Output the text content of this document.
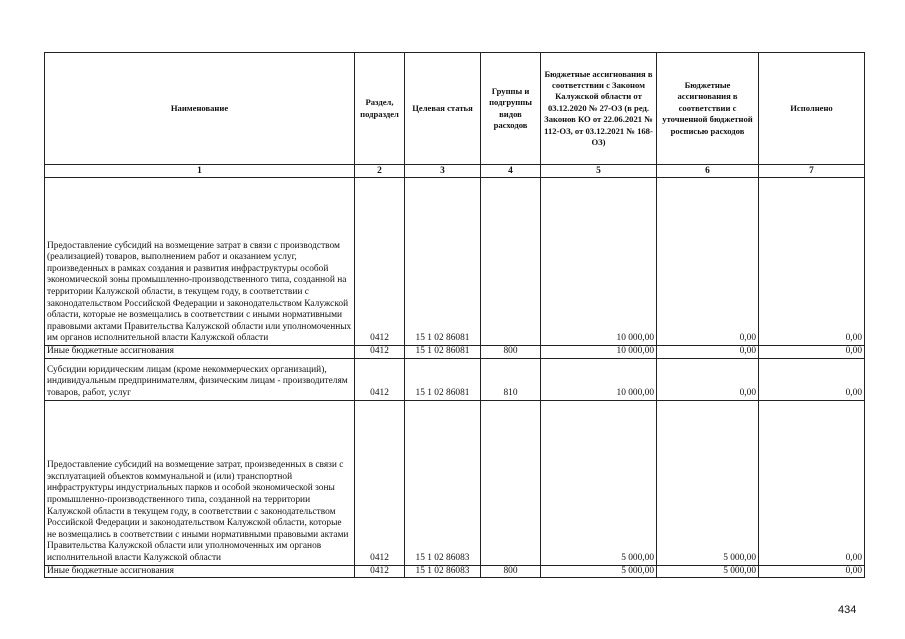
Наименование	Раздел, подраздел	Целевая статья	Группы и подгруппы видов расходов	Бюджетные ассигнования в соответствии с Законом Калужской области от 03.12.2020 № 27-ОЗ (в ред. Законов КО от 22.06.2021 № 112-ОЗ, от 03.12.2021 № 168-ОЗ)	Бюджетные ассигнования в соответствии с уточненной бюджетной росписью расходов	Исполнено
1	2	3	4	5	6	7
Предоставление субсидий на возмещение затрат в связи с производством (реализацией) товаров, выполнением работ и оказанием услуг, произведенных в рамках создания и развития инфраструктуры особой экономической зоны промышленно-производственного типа, созданной на территории Калужской области, в текущем году, в соответствии с законодательством Российской Федерации и законодательством Калужской области, которые не возмещались в соответствии с иными нормативными правовыми актами Правительства Калужской области или уполномоченных им органов исполнительной власти Калужской области	0412	15 1 02 86081		10 000,00	0,00	0,00
Иные бюджетные ассигнования	0412	15 1 02 86081	800	10 000,00	0,00	0,00
Субсидии юридическим лицам (кроме некоммерческих организаций), индивидуальным предпринимателям, физическим лицам - производителям товаров, работ, услуг	0412	15 1 02 86081	810	10 000,00	0,00	0,00
Предоставление субсидий на возмещение затрат, произведенных в связи с эксплуатацией объектов коммунальной и (или) транспортной инфраструктуры индустриальных парков и особой экономической зоны промышленно-производственного типа, созданной на территории Калужской области в текущем году, в соответствии с законодательством Российской Федерации и законодательством Калужской области, которые не возмещались в соответствии с иными нормативными правовыми актами Правительства Калужской области или уполномоченных им органов исполнительной власти Калужской области	0412	15 1 02 86083		5 000,00	5 000,00	0,00
Иные бюджетные ассигнования	0412	15 1 02 86083	800	5 000,00	5 000,00	0,00
434
